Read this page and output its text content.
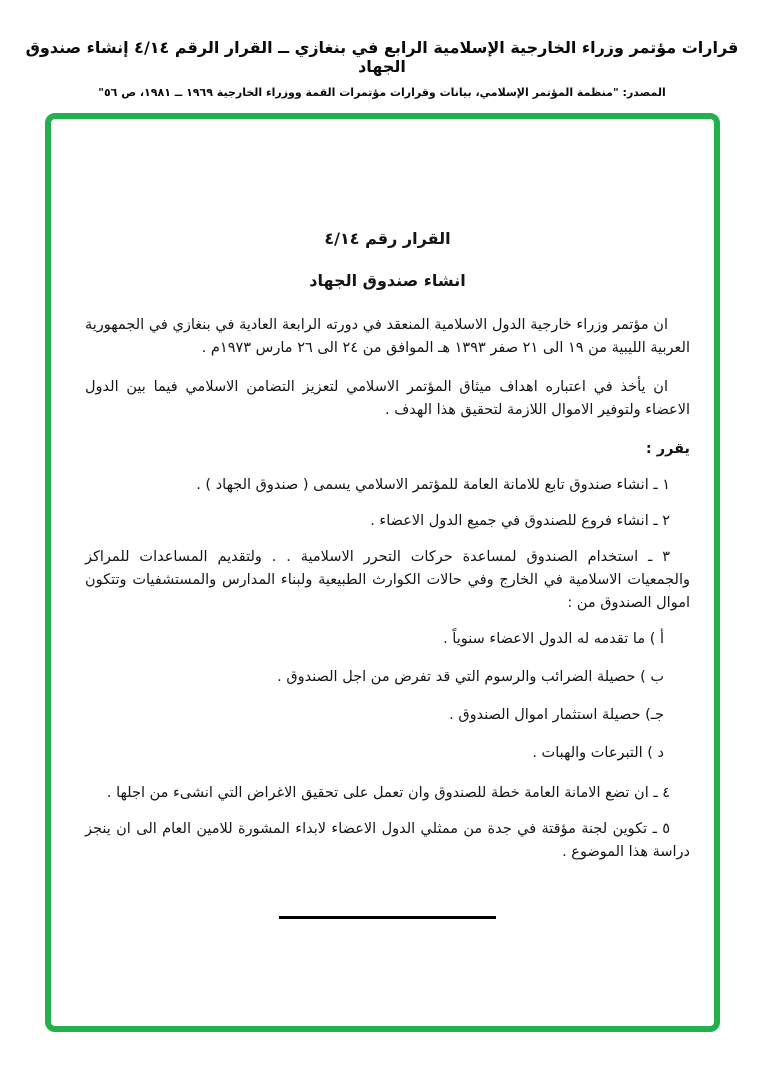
قرارات مؤتمر وزراء الخارجية الإسلامية الرابع في بنغازي ــ القرار الرقم ٤/١٤ إنشاء صندوق الجهاد
المصدر: "منظمة المؤتمر الإسلامي، بيانات وقرارات مؤتمرات القمة ووزراء الخارجية ١٩٦٩ ــ ١٩٨١، ص ٥٦"

القرار رقم ٤/١٤

انشاء صندوق الجهاد

ان مؤتمر وزراء خارجية الدول الاسلامية المنعقد في دورته الرابعة العادية في بنغازي في الجمهورية العربية الليبية من ١٩ الى ٢١ صفر ١٣٩٣ هـ الموافق من ٢٤ الى ٢٦ مارس ١٩٧٣م .

ان يأخذ في اعتباره اهداف ميثاق المؤتمر الاسلامي لتعزيز التضامن الاسلامي فيما بين الدول الاعضاء ولتوفير الاموال اللازمة لتحقيق هذا الهدف .

يقرر :

١ ـ انشاء صندوق تابع للامانة العامة للمؤتمر الاسلامي يسمى ( صندوق الجهاد ) .

٢ ـ انشاء فروع للصندوق في جميع الدول الاعضاء .

٣ ـ استخدام الصندوق لمساعدة حركات التحرر الاسلامية . . ولتقديم المساعدات للمراكز والجمعيات الاسلامية في الخارج وفي حالات الكوارث الطبيعية ولبناء المدارس والمستشفيات وتتكون اموال الصندوق من :

أ ) ما تقدمه له الدول الاعضاء سنوياً .

ب ) حصيلة الضرائب والرسوم التي قد تفرض من اجل الصندوق .

جـ) حصيلة استثمار اموال الصندوق .

د ) التبرعات والهبات .

٤ ـ ان تضع الامانة العامة خطة للصندوق وان تعمل على تحقيق الاغراض التي انشىء من اجلها .

٥ ـ تكوين لجنة مؤقتة في جدة من ممثلي الدول الاعضاء لابداء المشورة للامين العام الى ان ينجز دراسة هذا الموضوع .
